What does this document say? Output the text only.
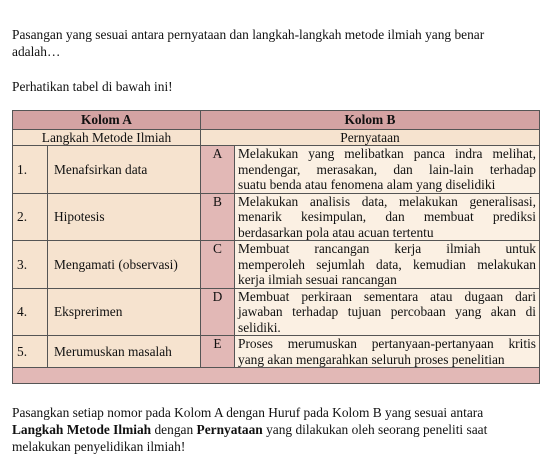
Pasangan yang sesuai antara pernyataan dan langkah-langkah metode ilmiah yang benar
adalah…
Perhatikan tabel di bawah ini!
Kolom A		Kolom B	
Langkah Metode Ilmiah		Pernyataan	
1.	Menafsirkan data	A	Melakukan yang melibatkan panca indra melihat,
mendengar, merasakan, dan lain-lain terhadap
suatu benda atau fenomena alam yang diselidiki

2.	Hipotesis	B	Melakukan analisis data, melakukan generalisasi,
menarik kesimpulan, dan membuat prediksi
berdasarkan pola atau acuan tertentu

3.	Mengamati (observasi)	C	Membuat rancangan kerja ilmiah untuk
memperoleh sejumlah data, kemudian melakukan
kerja ilmiah sesuai rancangan

4.	Eksprerimen	D	Membuat perkiraan sementara atau dugaan dari
jawaban terhadap tujuan percobaan yang akan di
selidiki.

5.	Merumuskan masalah	E	Proses merumuskan pertanyaan-pertanyaan kritis
yang akan mengarahkan seluruh proses penelitian

Pasangkan setiap nomor pada Kolom A dengan Huruf pada Kolom B yang sesuai antara
Langkah Metode Ilmiah dengan Pernyataan yang dilakukan oleh seorang peneliti saat
melakukan penyelidikan ilmiah!
